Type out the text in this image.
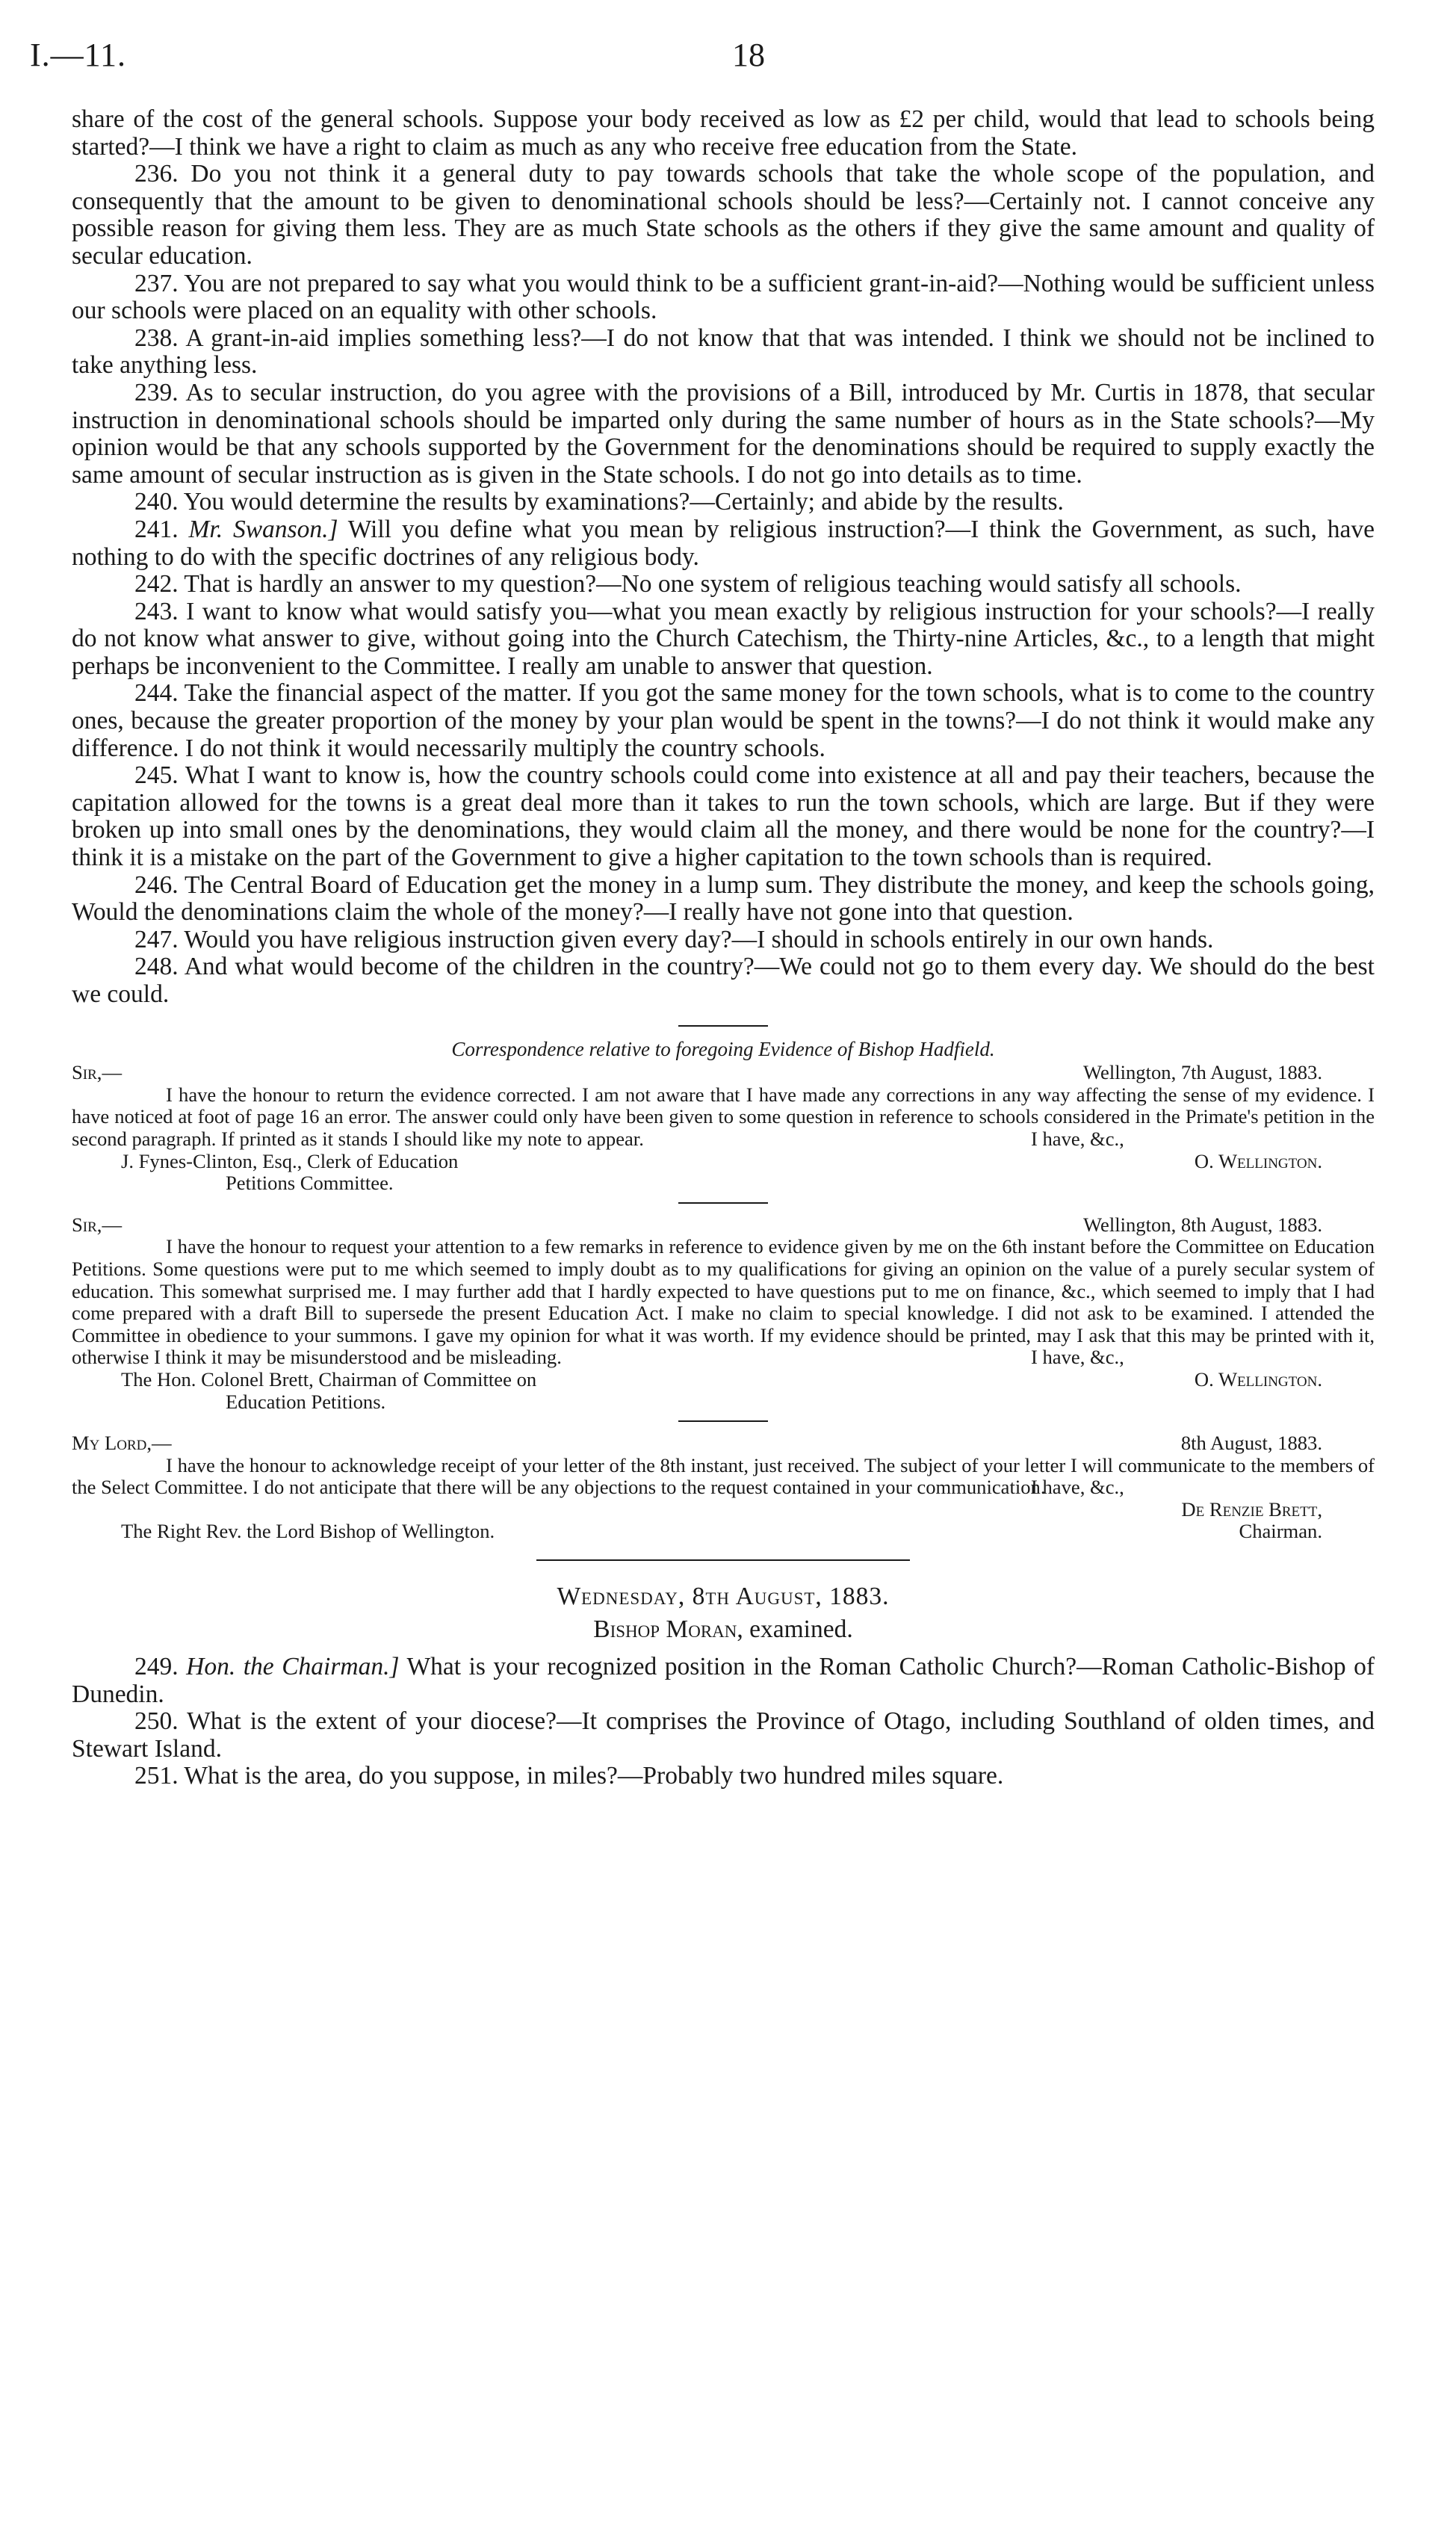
I.—11.	18

share of the cost of the general schools. Suppose your body received as low as £2 per child, would that lead to schools being started?—I think we have a right to claim as much as any who receive free education from the State.

236. Do you not think it a general duty to pay towards schools that take the whole scope of the population, and consequently that the amount to be given to denominational schools should be less?—Certainly not. I cannot conceive any possible reason for giving them less. They are as much State schools as the others if they give the same amount and quality of secular education.

237. You are not prepared to say what you would think to be a sufficient grant-in-aid?—Nothing would be sufficient unless our schools were placed on an equality with other schools.

238. A grant-in-aid implies something less?—I do not know that that was intended. I think we should not be inclined to take anything less.

239. As to secular instruction, do you agree with the provisions of a Bill, introduced by Mr. Curtis in 1878, that secular instruction in denominational schools should be imparted only during the same number of hours as in the State schools?—My opinion would be that any schools supported by the Government for the denominations should be required to supply exactly the same amount of secular instruction as is given in the State schools. I do not go into details as to time.

240. You would determine the results by examinations?—Certainly; and abide by the results.

241. Mr. Swanson.] Will you define what you mean by religious instruction?—I think the Government, as such, have nothing to do with the specific doctrines of any religious body.

242. That is hardly an answer to my question?—No one system of religious teaching would satisfy all schools.

243. I want to know what would satisfy you—what you mean exactly by religious instruction for your schools?—I really do not know what answer to give, without going into the Church Catechism, the Thirty-nine Articles, &c., to a length that might perhaps be inconvenient to the Committee. I really am unable to answer that question.

244. Take the financial aspect of the matter. If you got the same money for the town schools, what is to come to the country ones, because the greater proportion of the money by your plan would be spent in the towns?—I do not think it would make any difference. I do not think it would necessarily multiply the country schools.

245. What I want to know is, how the country schools could come into existence at all and pay their teachers, because the capitation allowed for the towns is a great deal more than it takes to run the town schools, which are large. But if they were broken up into small ones by the denominations, they would claim all the money, and there would be none for the country?—I think it is a mistake on the part of the Government to give a higher capitation to the town schools than is required.

246. The Central Board of Education get the money in a lump sum. They distribute the money, and keep the schools going, Would the denominations claim the whole of the money?—I really have not gone into that question.

247. Would you have religious instruction given every day?—I should in schools entirely in our own hands.

248. And what would become of the children in the country?—We could not go to them every day. We should do the best we could.

Correspondence relative to foregoing Evidence of Bishop Hadfield.
Sir,—	Wellington, 7th August, 1883.
I have the honour to return the evidence corrected. I am not aware that I have made any corrections in any way affecting the sense of my evidence. I have noticed at foot of page 16 an error. The answer could only have been given to some question in reference to schools considered in the Primate's petition in the second paragraph. If printed as it stands I should like my note to appear.	I have, &c.,
J. Fynes-Clinton, Esq., Clerk of Education	O. Wellington.
Petitions Committee.
Sir,—	Wellington, 8th August, 1883.
I have the honour to request your attention to a few remarks in reference to evidence given by me on the 6th instant before the Committee on Education Petitions. Some questions were put to me which seemed to imply doubt as to my qualifications for giving an opinion on the value of a purely secular system of education. This somewhat surprised me. I may further add that I hardly expected to have questions put to me on finance, &c., which seemed to imply that I had come prepared with a draft Bill to supersede the present Education Act. I make no claim to special knowledge. I did not ask to be examined. I attended the Committee in obedience to your summons. I gave my opinion for what it was worth. If my evidence should be printed, may I ask that this may be printed with it, otherwise I think it may be misunderstood and be misleading.	I have, &c.,
The Hon. Colonel Brett, Chairman of Committee on	O. Wellington.
Education Petitions.
My Lord,—	8th August, 1883.
I have the honour to acknowledge receipt of your letter of the 8th instant, just received. The subject of your letter I will communicate to the members of the Select Committee. I do not anticipate that there will be any objections to the request contained in your communication.
I have, &c.,
De Renzie Brett,
The Right Rev. the Lord Bishop of Wellington.	Chairman.
Wednesday, 8th August, 1883.
Bishop Moran, examined.

249. Hon. the Chairman.] What is your recognized position in the Roman Catholic Church?—Roman Catholic-Bishop of Dunedin.

250. What is the extent of your diocese?—It comprises the Province of Otago, including Southland of olden times, and Stewart Island.

251. What is the area, do you suppose, in miles?—Probably two hundred miles square.
